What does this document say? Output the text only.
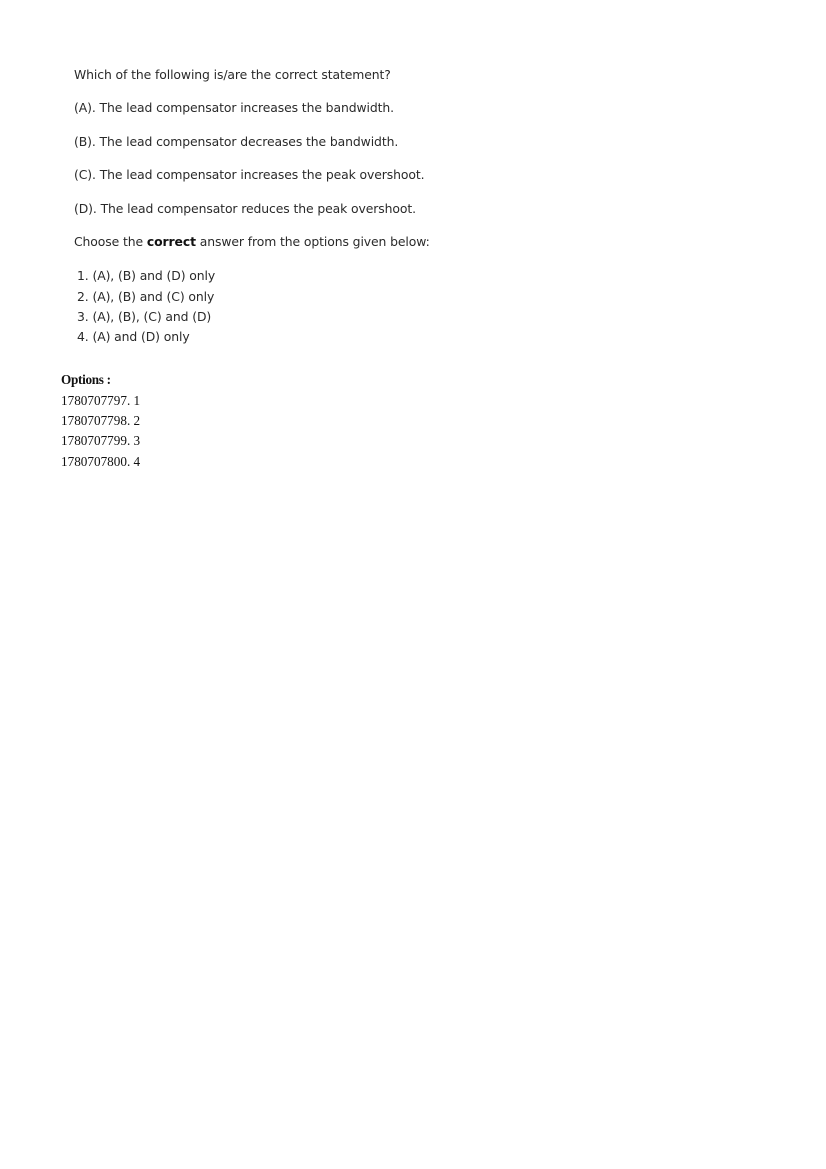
Which of the following is/are the correct statement?

(A). The lead compensator increases the bandwidth.

(B). The lead compensator decreases the bandwidth.

(C). The lead compensator increases the peak overshoot.

(D). The lead compensator reduces the peak overshoot.

Choose the correct answer from the options given below:

1. (A), (B) and (D) only
2. (A), (B) and (C) only
3. (A), (B), (C) and (D)
4. (A) and (D) only
Options :
1780707797. 1
1780707798. 2
1780707799. 3
1780707800. 4
